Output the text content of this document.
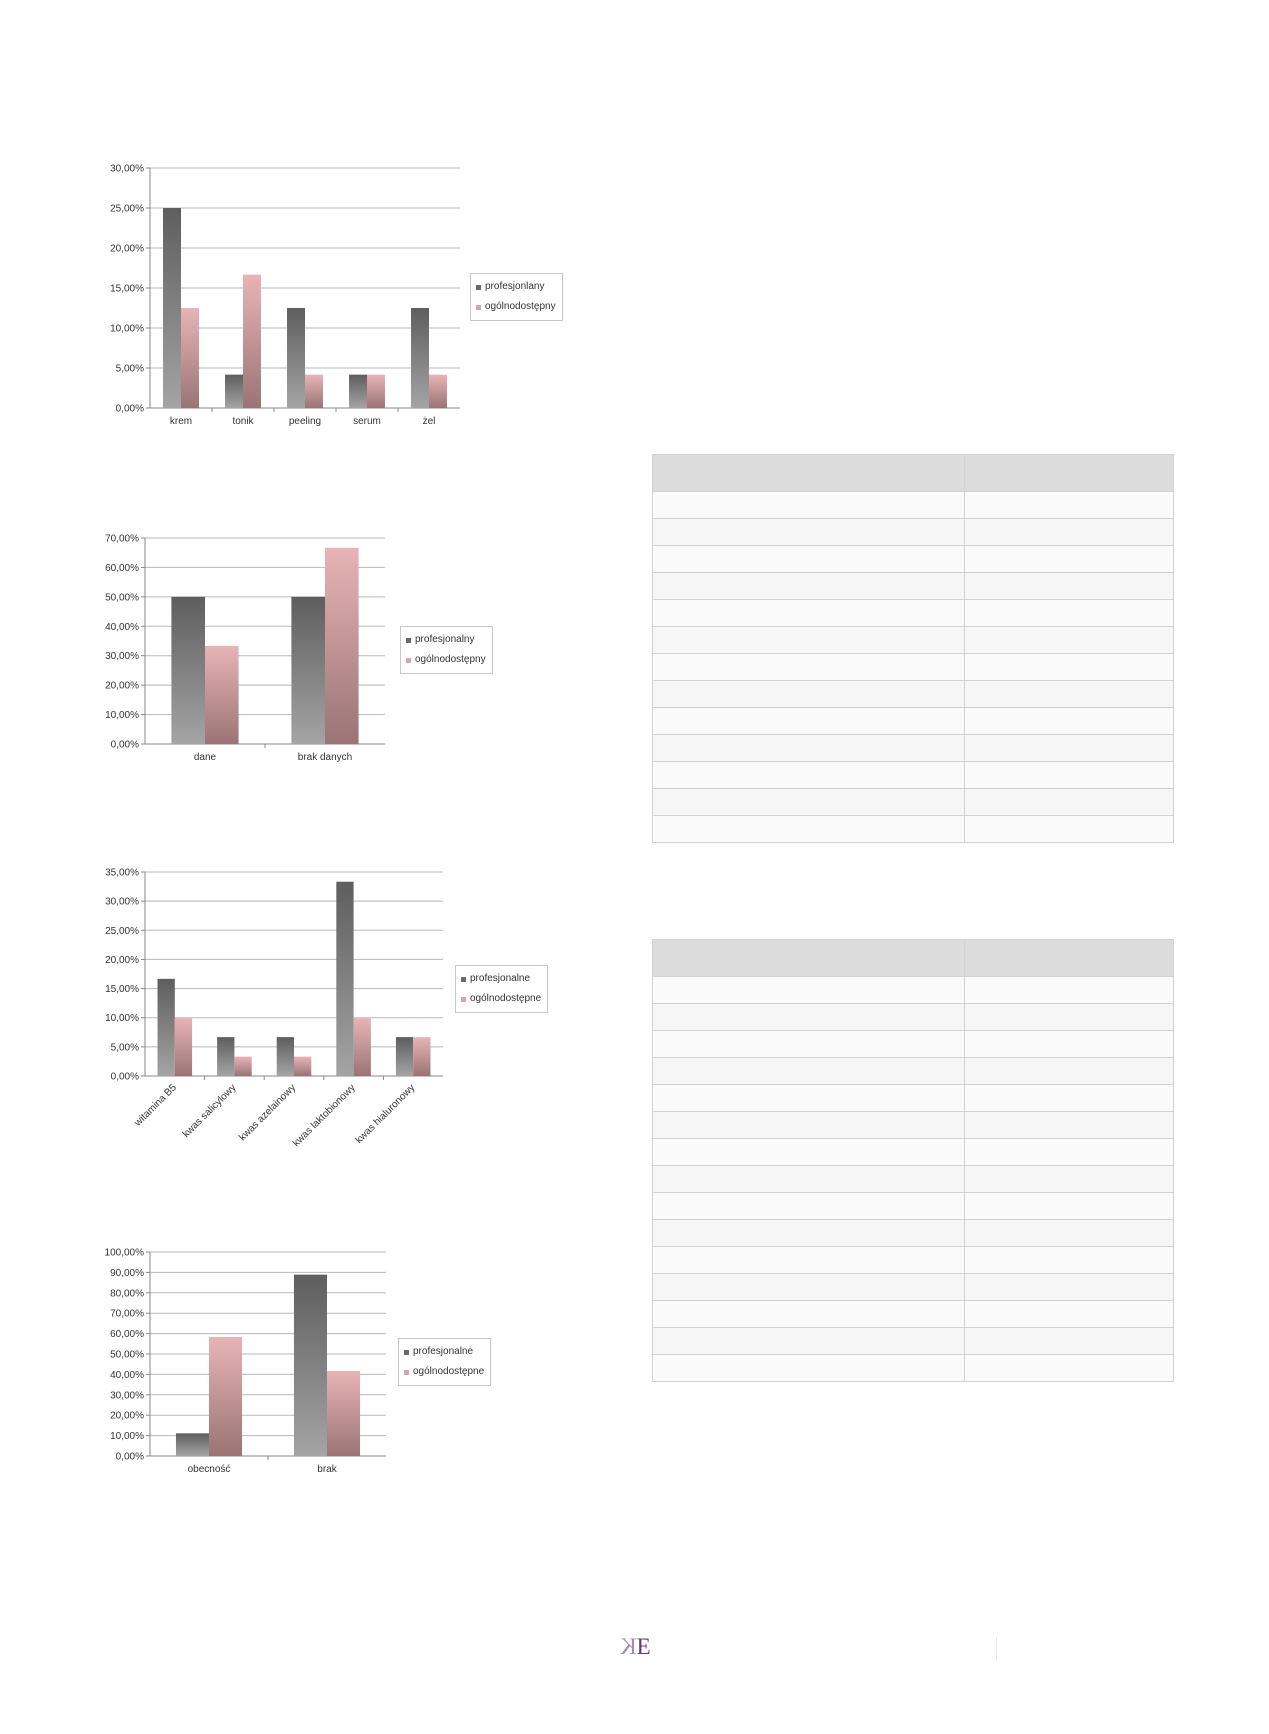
0,00%
5,00%
10,00%
15,00%
20,00%
25,00%
30,00%
krem	tonik	peeling	serum	żel
profesjonlany
ogólnodostępny
0,00%
10,00%
20,00%
30,00%
40,00%
50,00%
60,00%
70,00%
dane	brak danych
profesjonalny
ogólnodostępny
0,00%
5,00%
10,00%
15,00%
20,00%
25,00%
30,00%
35,00%
witamina B5 kwas salicylowy
kwas azelainowy
kwas laktobionowy
kwas hialuronowy
profesjonalne
ogólnodostępne
0,00%
10,00%
20,00%
30,00%
40,00%
50,00%
60,00%
70,00%
80,00%
90,00%
100,00%
obecność	brak
profesjonalne
ogólnodostępne

KE
